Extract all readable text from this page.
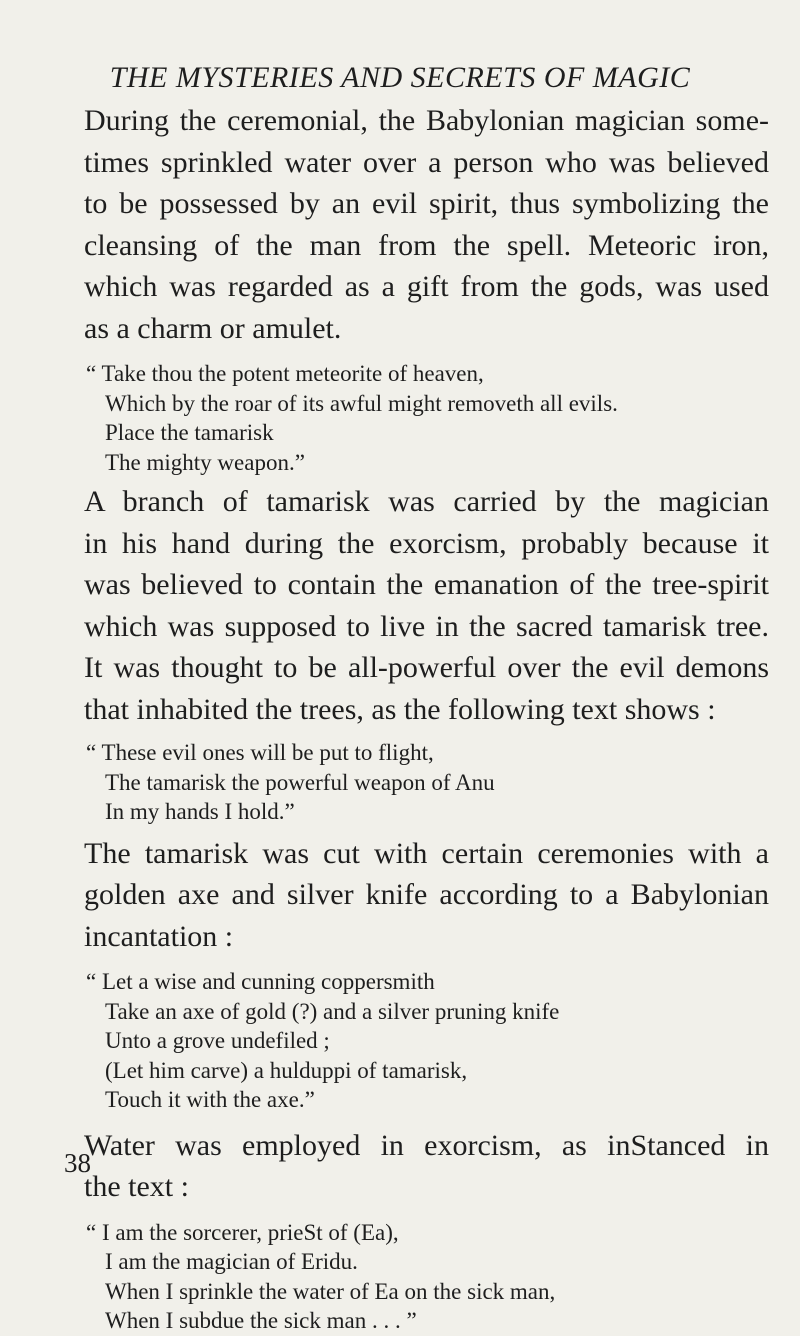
THE MYSTERIES AND SECRETS OF MAGIC

During the ceremonial, the Babylonian magician some-
times sprinkled water over a person who was believed
to be possessed by an evil spirit, thus symbolizing the
cleansing of the man from the spell. Meteoric iron,
which was regarded as a gift from the gods, was used
as a charm or amulet.

“ Take thou the potent meteorite of heaven,
Which by the roar of its awful might removeth all evils.
Place the tamarisk
The mighty weapon.”

A branch of tamarisk was carried by the magician
in his hand during the exorcism, probably because it
was believed to contain the emanation of the tree-spirit
which was supposed to live in the sacred tamarisk tree.
It was thought to be all-powerful over the evil demons
that inhabited the trees, as the following text shows :

“ These evil ones will be put to flight,
The tamarisk the powerful weapon of Anu
In my hands I hold.”

The tamarisk was cut with certain ceremonies with a
golden axe and silver knife according to a Babylonian
incantation :

“ Let a wise and cunning coppersmith
Take an axe of gold (?) and a silver pruning knife
Unto a grove undefiled ;
(Let him carve) a hulduppi of tamarisk,
Touch it with the axe.”

Water was employed in exorcism, as inStanced in
the text :

“ I am the sorcerer, prieSt of (Ea),
I am the magician of Eridu.
When I sprinkle the water of Ea on the sick man,
When I subdue the sick man . . . ”
38
